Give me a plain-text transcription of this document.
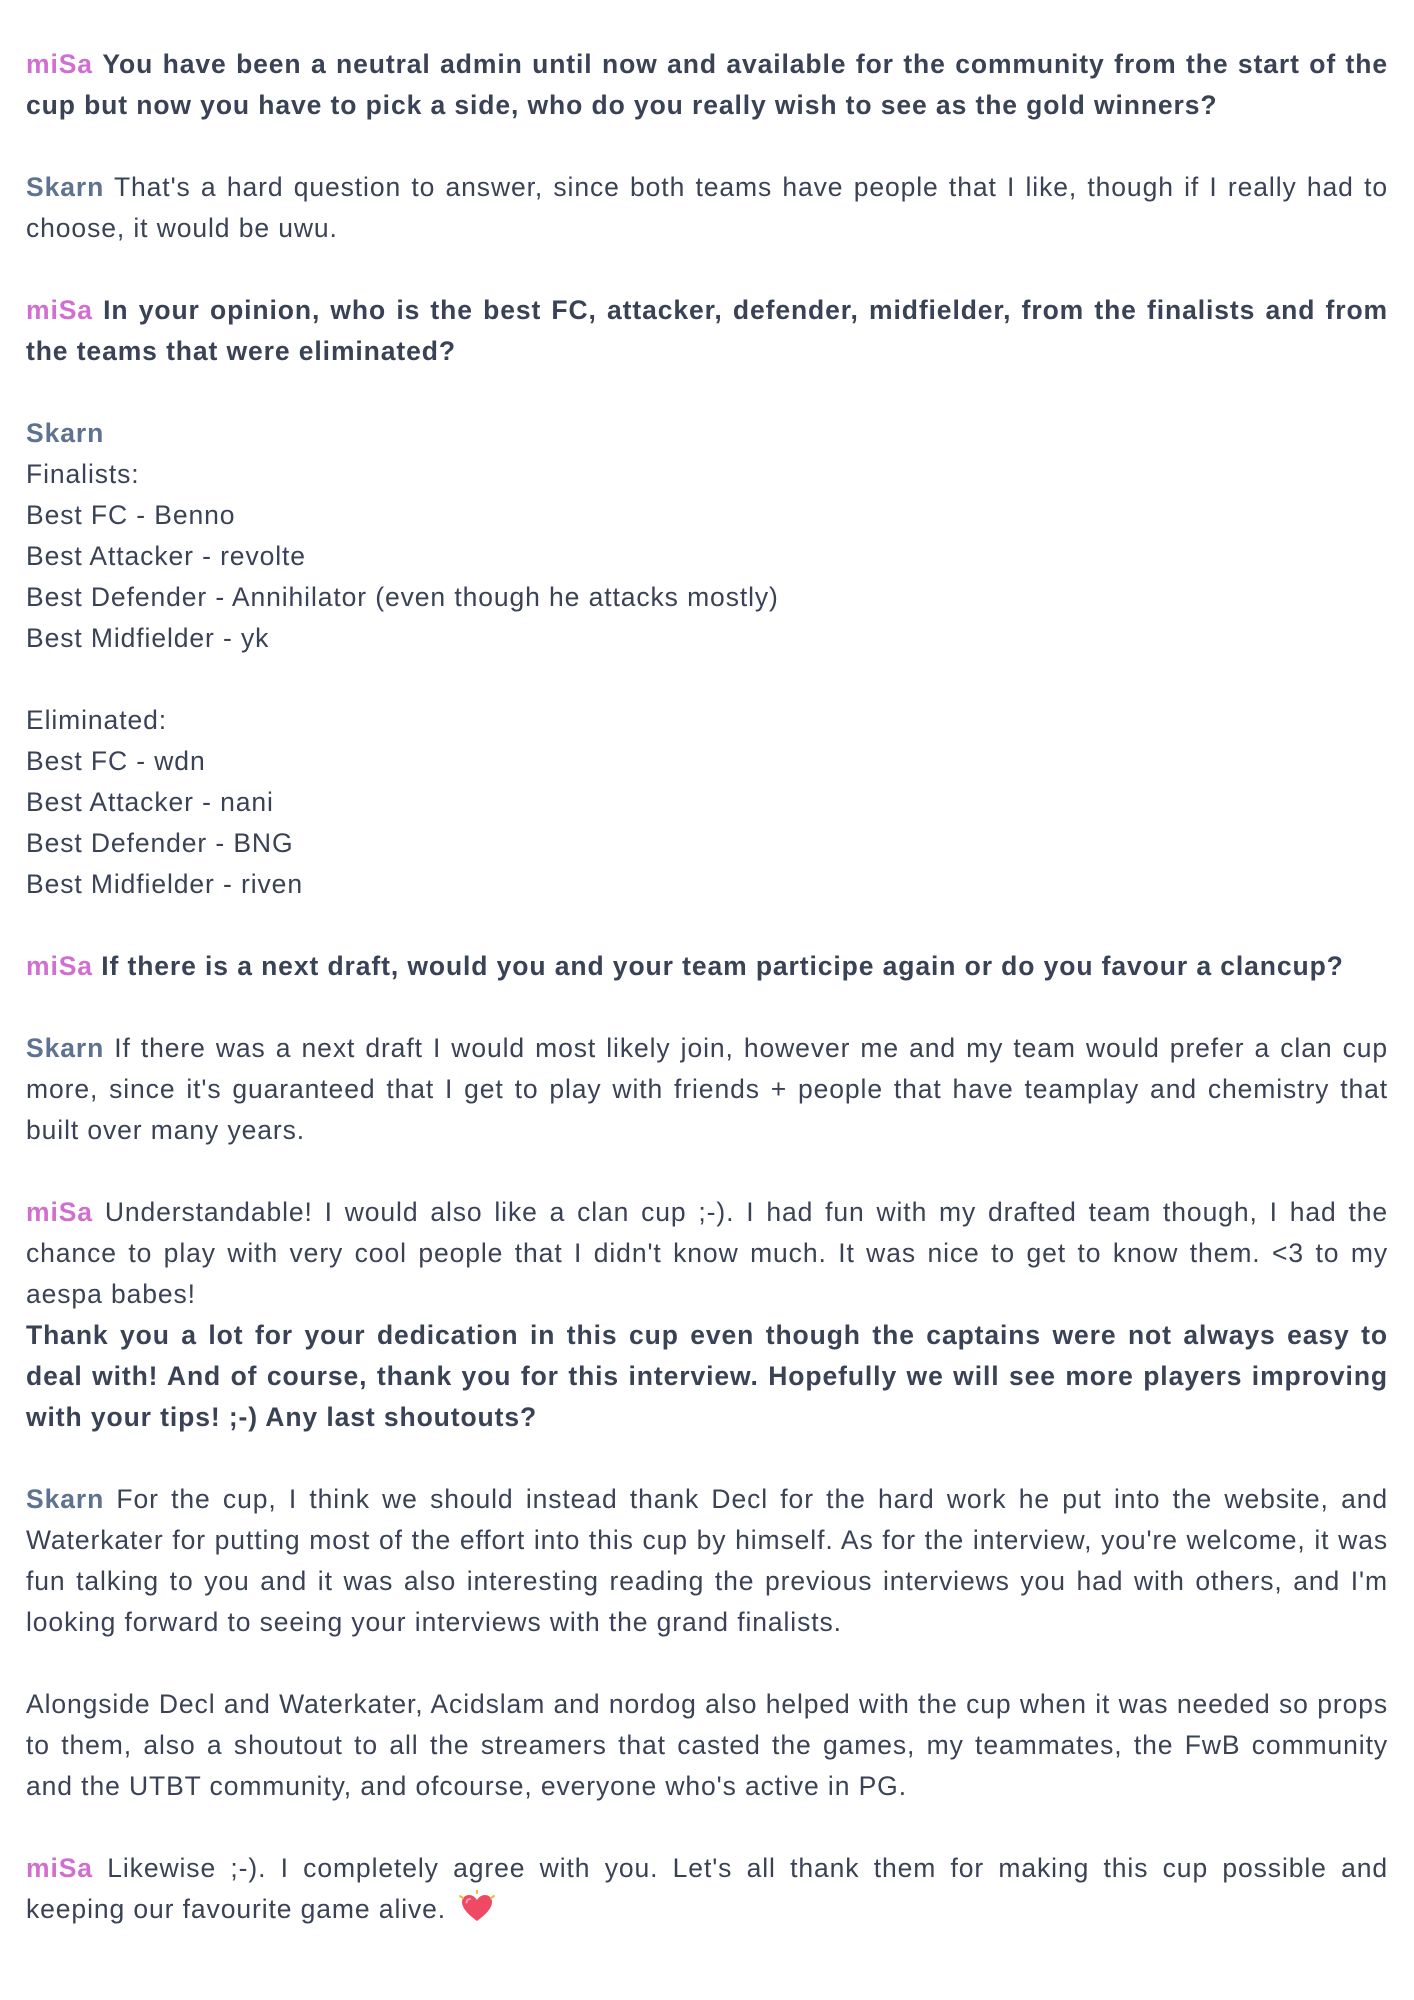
miSa You have been a neutral admin until now and available for the community from the start of the cup but now you have to pick a side, who do you really wish to see as the gold winners?

Skarn That's a hard question to answer, since both teams have people that I like, though if I really had to choose, it would be uwu.

miSa In your opinion, who is the best FC, attacker, defender, midfielder, from the finalists and from the teams that were eliminated?

Skarn

Finalists:

Best FC - Benno

Best Attacker - revolte

Best Defender - Annihilator (even though he attacks mostly)

Best Midfielder - yk

Eliminated:

Best FC - wdn

Best Attacker - nani

Best Defender - BNG

Best Midfielder - riven

miSa If there is a next draft, would you and your team participe again or do you favour a clancup?

Skarn If there was a next draft I would most likely join, however me and my team would prefer a clan cup more, since it's guaranteed that I get to play with friends + people that have teamplay and chemistry that built over many years.

miSa Understandable! I would also like a clan cup ;-). I had fun with my drafted team though, I had the chance to play with very cool people that I didn't know much. It was nice to get to know them. <3 to my aespa babes!

Thank you a lot for your dedication in this cup even though the captains were not always easy to deal with! And of course, thank you for this interview. Hopefully we will see more players improving with your tips! ;-) Any last shoutouts?

Skarn For the cup, I think we should instead thank Decl for the hard work he put into the website, and Waterkater for putting most of the effort into this cup by himself. As for the interview, you're welcome, it was fun talking to you and it was also interesting reading the previous interviews you had with others, and I'm looking forward to seeing your interviews with the grand finalists.

Alongside Decl and Waterkater, Acidslam and nordog also helped with the cup when it was needed so props to them, also a shoutout to all the streamers that casted the games, my teammates, the FwB community and the UTBT community, and ofcourse, everyone who's active in PG.

miSa Likewise ;-). I completely agree with you. Let's all thank them for making this cup possible and keeping our favourite game alive.
